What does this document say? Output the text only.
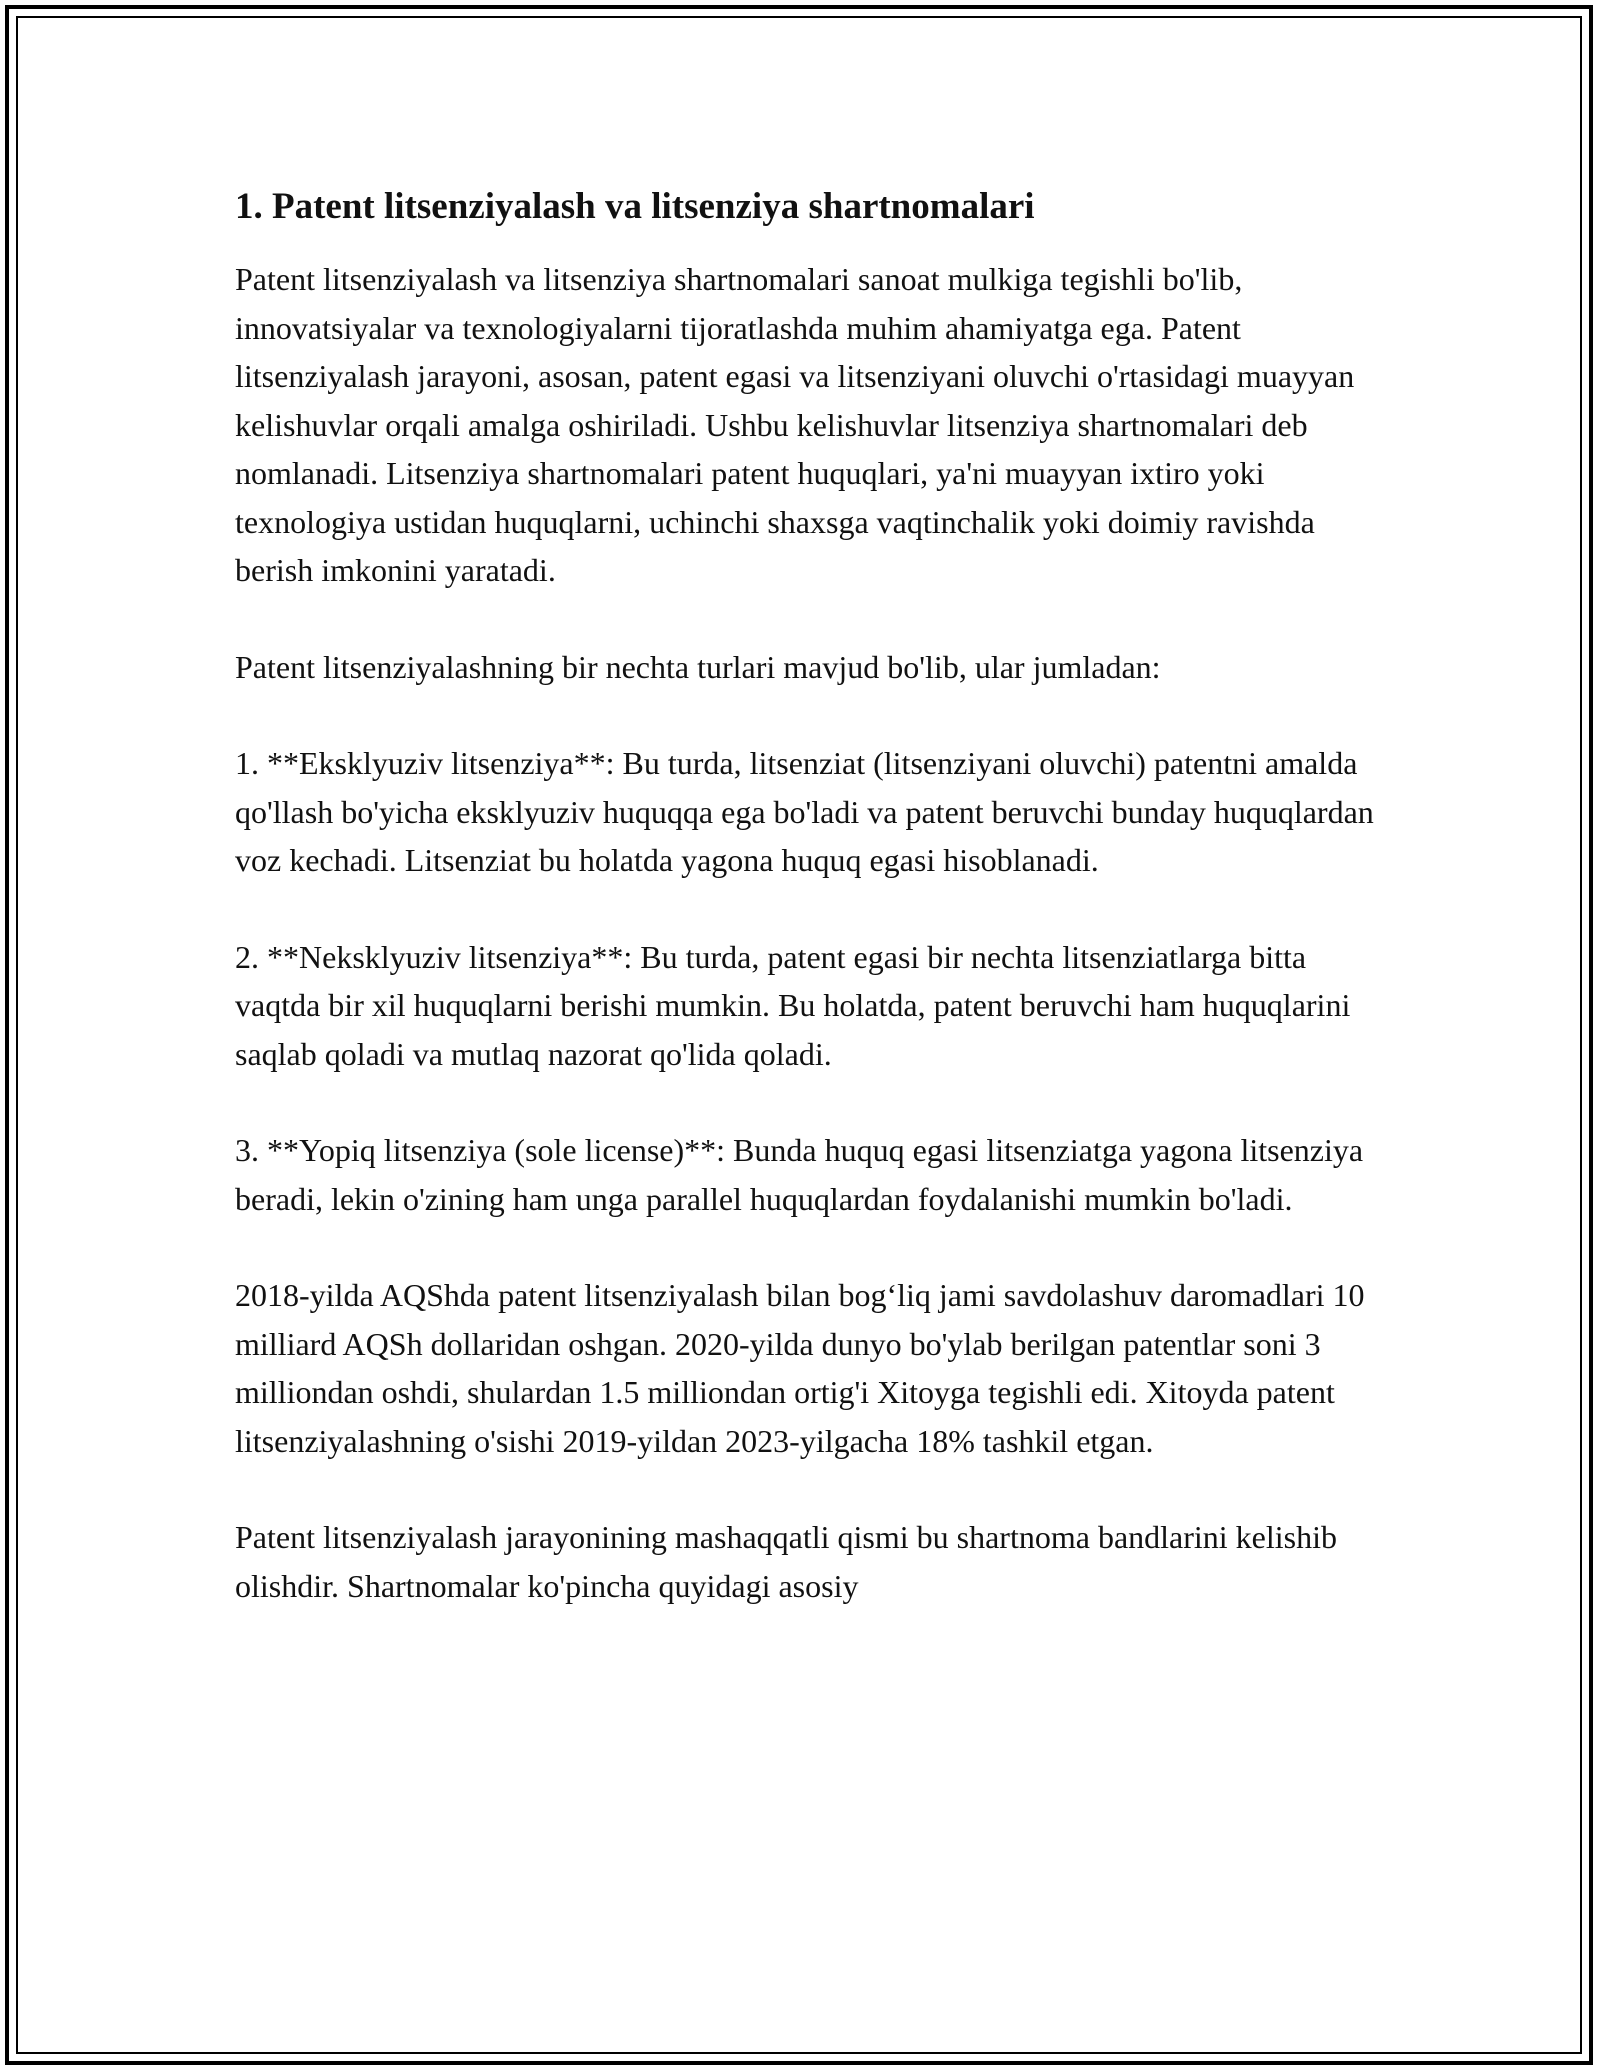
1. Patent litsenziyalash va litsenziya shartnomalari

Patent litsenziyalash va litsenziya shartnomalari sanoat mulkiga tegishli bo'lib, innovatsiyalar va texnologiyalarni tijoratlashda muhim ahamiyatga ega. Patent litsenziyalash jarayoni, asosan, patent egasi va litsenziyani oluvchi o'rtasidagi muayyan kelishuvlar orqali amalga oshiriladi. Ushbu kelishuvlar litsenziya shartnomalari deb nomlanadi. Litsenziya shartnomalari patent huquqlari, ya'ni muayyan ixtiro yoki texnologiya ustidan huquqlarni, uchinchi shaxsga vaqtinchalik yoki doimiy ravishda berish imkonini yaratadi.

Patent litsenziyalashning bir nechta turlari mavjud bo'lib, ular jumladan:

1. **Eksklyuziv litsenziya**: Bu turda, litsenziat (litsenziyani oluvchi) patentni amalda qo'llash bo'yicha eksklyuziv huquqqa ega bo'ladi va patent beruvchi bunday huquqlardan voz kechadi. Litsenziat bu holatda yagona huquq egasi hisoblanadi.

2. **Neksklyuziv litsenziya**: Bu turda, patent egasi bir nechta litsenziatlarga bitta vaqtda bir xil huquqlarni berishi mumkin. Bu holatda, patent beruvchi ham huquqlarini saqlab qoladi va mutlaq nazorat qo'lida qoladi.

3. **Yopiq litsenziya (sole license)**: Bunda huquq egasi litsenziatga yagona litsenziya beradi, lekin o'zining ham unga parallel huquqlardan foydalanishi mumkin bo'ladi.

2018-yilda AQShda patent litsenziyalash bilan bog‘liq jami savdolashuv daromadlari 10 milliard AQSh dollaridan oshgan. 2020-yilda dunyo bo'ylab berilgan patentlar soni 3 milliondan oshdi, shulardan 1.5 milliondan ortig'i Xitoyga tegishli edi. Xitoyda patent litsenziyalashning o'sishi 2019-yildan 2023-yilgacha 18% tashkil etgan.

Patent litsenziyalash jarayonining mashaqqatli qismi bu shartnoma bandlarini kelishib olishdir. Shartnomalar ko'pincha quyidagi asosiy
